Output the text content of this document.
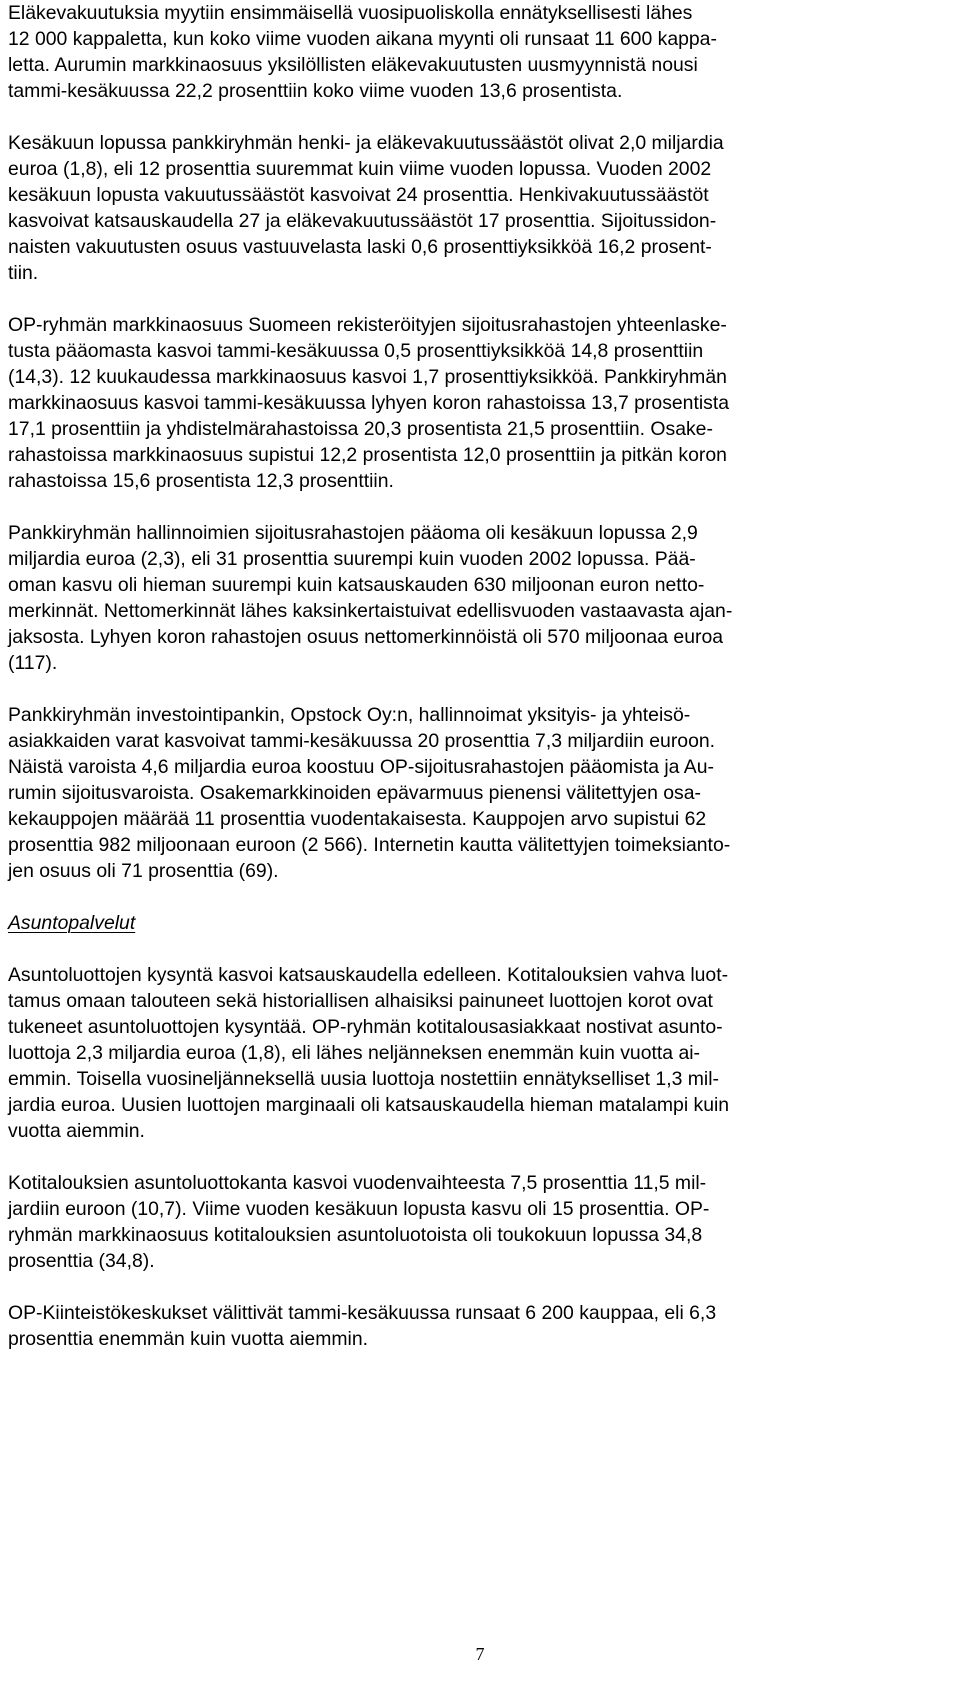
Eläkevakuutuksia myytiin ensimmäisellä vuosipuoliskolla ennätyksellisesti lähes
12 000 kappaletta, kun koko viime vuoden aikana myynti oli runsaat 11 600 kappa-
letta. Aurumin markkinaosuus yksilöllisten eläkevakuutusten uusmyynnistä nousi
tammi-kesäkuussa 22,2 prosenttiin koko viime vuoden 13,6 prosentista.
Kesäkuun lopussa pankkiryhmän henki- ja eläkevakuutussäästöt olivat 2,0 miljardia
euroa (1,8), eli 12 prosenttia suuremmat kuin viime vuoden lopussa. Vuoden 2002
kesäkuun lopusta vakuutussäästöt kasvoivat 24 prosenttia. Henkivakuutussäästöt
kasvoivat katsauskaudella 27 ja eläkevakuutussäästöt 17 prosenttia. Sijoitussidon-
naisten vakuutusten osuus vastuuvelasta laski 0,6 prosenttiyksikköä 16,2 prosent-
tiin.
OP-ryhmän markkinaosuus Suomeen rekisteröityjen sijoitusrahastojen yhteenlaske-
tusta pääomasta kasvoi tammi-kesäkuussa 0,5 prosenttiyksikköä 14,8 prosenttiin
(14,3). 12 kuukaudessa markkinaosuus kasvoi 1,7 prosenttiyksikköä. Pankkiryhmän
markkinaosuus kasvoi tammi-kesäkuussa lyhyen koron rahastoissa 13,7 prosentista
17,1 prosenttiin ja yhdistelmärahastoissa 20,3 prosentista 21,5 prosenttiin. Osake-
rahastoissa markkinaosuus supistui 12,2 prosentista 12,0 prosenttiin ja pitkän koron
rahastoissa 15,6 prosentista 12,3 prosenttiin.
Pankkiryhmän hallinnoimien sijoitusrahastojen pääoma oli kesäkuun lopussa 2,9
miljardia euroa (2,3), eli 31 prosenttia suurempi kuin vuoden 2002 lopussa. Pää-
oman kasvu oli hieman suurempi kuin katsauskauden 630 miljoonan euron netto-
merkinnät. Nettomerkinnät lähes kaksinkertaistuivat edellisvuoden vastaavasta ajan-
jaksosta. Lyhyen koron rahastojen osuus nettomerkinnöistä oli 570 miljoonaa euroa
(117).
Pankkiryhmän investointipankin, Opstock Oy:n, hallinnoimat yksityis- ja yhteisö-
asiakkaiden varat kasvoivat tammi-kesäkuussa 20 prosenttia 7,3 miljardiin euroon.
Näistä varoista 4,6 miljardia euroa koostuu OP-sijoitusrahastojen pääomista ja Au-
rumin sijoitusvaroista. Osakemarkkinoiden epävarmuus pienensi välitettyjen osa-
kekauppojen määrää 11 prosenttia vuodentakaisesta. Kauppojen arvo supistui 62
prosenttia 982 miljoonaan euroon (2 566). Internetin kautta välitettyjen toimeksianto-
jen osuus oli 71 prosenttia (69).
Asuntopalvelut
Asuntoluottojen kysyntä kasvoi katsauskaudella edelleen. Kotitalouksien vahva luot-
tamus omaan talouteen sekä historiallisen alhaisiksi painuneet luottojen korot ovat
tukeneet asuntoluottojen kysyntää. OP-ryhmän kotitalousasiakkaat nostivat asunto-
luottoja 2,3 miljardia euroa (1,8), eli lähes neljänneksen enemmän kuin vuotta ai-
emmin. Toisella vuosineljänneksellä uusia luottoja nostettiin ennätykselliset 1,3 mil-
jardia euroa. Uusien luottojen marginaali oli katsauskaudella hieman matalampi kuin
vuotta aiemmin.
Kotitalouksien asuntoluottokanta kasvoi vuodenvaihteesta 7,5 prosenttia 11,5 mil-
jardiin euroon (10,7). Viime vuoden kesäkuun lopusta kasvu oli 15 prosenttia. OP-
ryhmän markkinaosuus kotitalouksien asuntoluotoista oli toukokuun lopussa 34,8
prosenttia (34,8).
OP-Kiinteistökeskukset välittivät tammi-kesäkuussa runsaat 6 200 kauppaa, eli 6,3
prosenttia enemmän kuin vuotta aiemmin.
7
